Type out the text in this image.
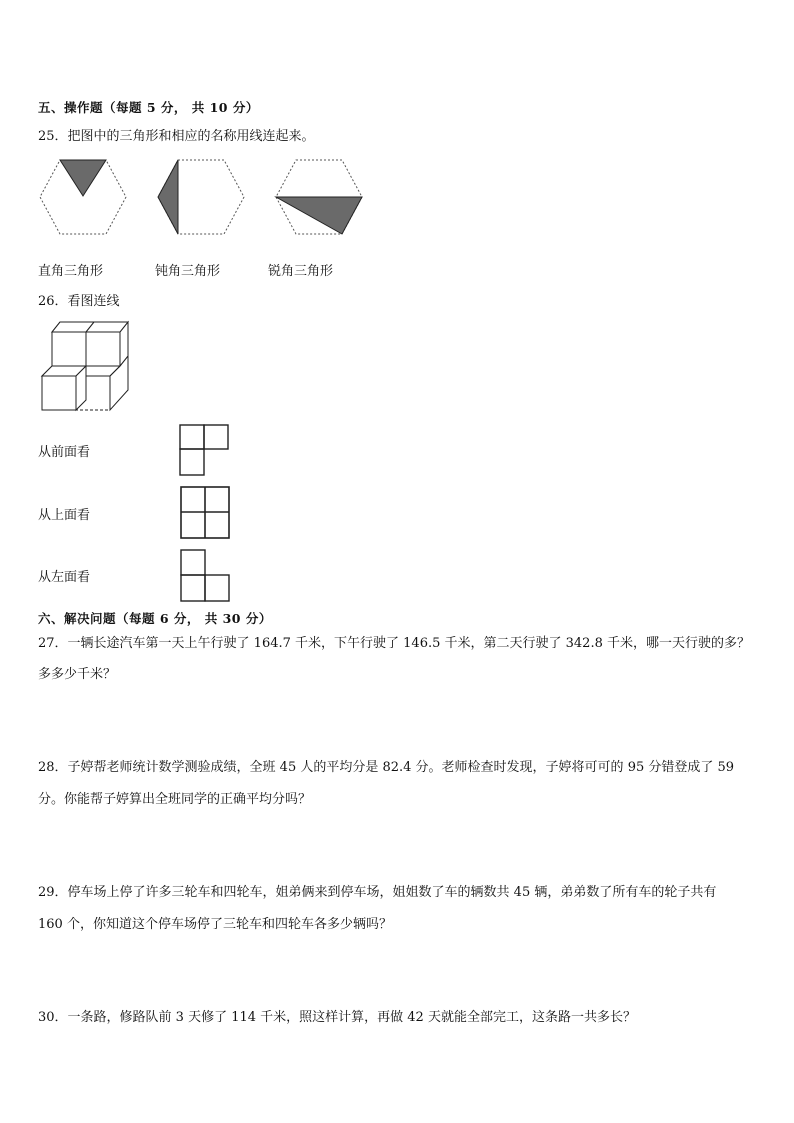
五、操作题（每题 5 分， 共 10 分）
25．把图中的三角形和相应的名称用线连起来。
直角三角形	钝角三角形	锐角三角形
26．看图连线
从前面看
从上面看
从左面看
六、解决问题（每题 6 分， 共 30 分）
27．一辆长途汽车第一天上午行驶了 164.7 千米，下午行驶了 146.5 千米，第二天行驶了 342.8 千米，哪一天行驶的多？
多多少千米？
28．子婷帮老师统计数学测验成绩，全班 45 人的平均分是 82.4 分。老师检查时发现，子婷将可可的 95 分错登成了 59
分。你能帮子婷算出全班同学的正确平均分吗？
29．停车场上停了许多三轮车和四轮车，姐弟俩来到停车场，姐姐数了车的辆数共 45 辆，弟弟数了所有车的轮子共有
160 个，你知道这个停车场停了三轮车和四轮车各多少辆吗？
30．一条路，修路队前 3 天修了 114 千米，照这样计算，再做 42 天就能全部完工，这条路一共多长？
